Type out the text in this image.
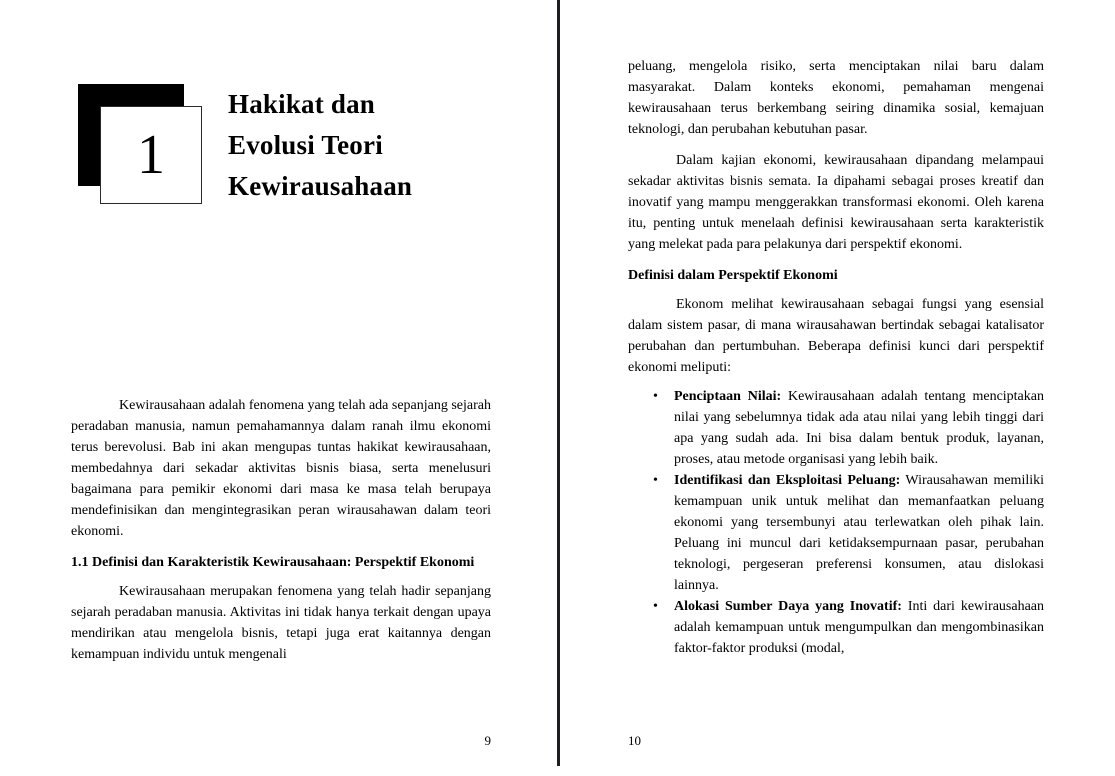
1
Hakikat dan
Evolusi Teori
Kewirausahaan

Kewirausahaan adalah fenomena yang telah ada sepanjang sejarah peradaban manusia, namun pemahamannya dalam ranah ilmu ekonomi terus berevolusi. Bab ini akan mengupas tuntas hakikat kewirausahaan, membedahnya dari sekadar aktivitas bisnis biasa, serta menelusuri bagaimana para pemikir ekonomi dari masa ke masa telah berupaya mendefinisikan dan mengintegrasikan peran wirausahawan dalam teori ekonomi.

1.1 Definisi dan Karakteristik Kewirausahaan: Perspektif Ekonomi

Kewirausahaan merupakan fenomena yang telah hadir sepanjang sejarah peradaban manusia. Aktivitas ini tidak hanya terkait dengan upaya mendirikan atau mengelola bisnis, tetapi juga erat kaitannya dengan kemampuan individu untuk mengenali

9

peluang, mengelola risiko, serta menciptakan nilai baru dalam masyarakat. Dalam konteks ekonomi, pemahaman mengenai kewirausahaan terus berkembang seiring dinamika sosial, kemajuan teknologi, dan perubahan kebutuhan pasar.

Dalam kajian ekonomi, kewirausahaan dipandang melampaui sekadar aktivitas bisnis semata. Ia dipahami sebagai proses kreatif dan inovatif yang mampu menggerakkan transformasi ekonomi. Oleh karena itu, penting untuk menelaah definisi kewirausahaan serta karakteristik yang melekat pada para pelakunya dari perspektif ekonomi.

Definisi dalam Perspektif Ekonomi

Ekonom melihat kewirausahaan sebagai fungsi yang esensial dalam sistem pasar, di mana wirausahawan bertindak sebagai katalisator perubahan dan pertumbuhan. Beberapa definisi kunci dari perspektif ekonomi meliputi:

• Penciptaan Nilai: Kewirausahaan adalah tentang menciptakan nilai yang sebelumnya tidak ada atau nilai yang lebih tinggi dari apa yang sudah ada. Ini bisa dalam bentuk produk, layanan, proses, atau metode organisasi yang lebih baik.
• Identifikasi dan Eksploitasi Peluang: Wirausahawan memiliki kemampuan unik untuk melihat dan memanfaatkan peluang ekonomi yang tersembunyi atau terlewatkan oleh pihak lain. Peluang ini muncul dari ketidaksempurnaan pasar, perubahan teknologi, pergeseran preferensi konsumen, atau dislokasi lainnya.
• Alokasi Sumber Daya yang Inovatif: Inti dari kewirausahaan adalah kemampuan untuk mengumpulkan dan mengombinasikan faktor-faktor produksi (modal,
10
